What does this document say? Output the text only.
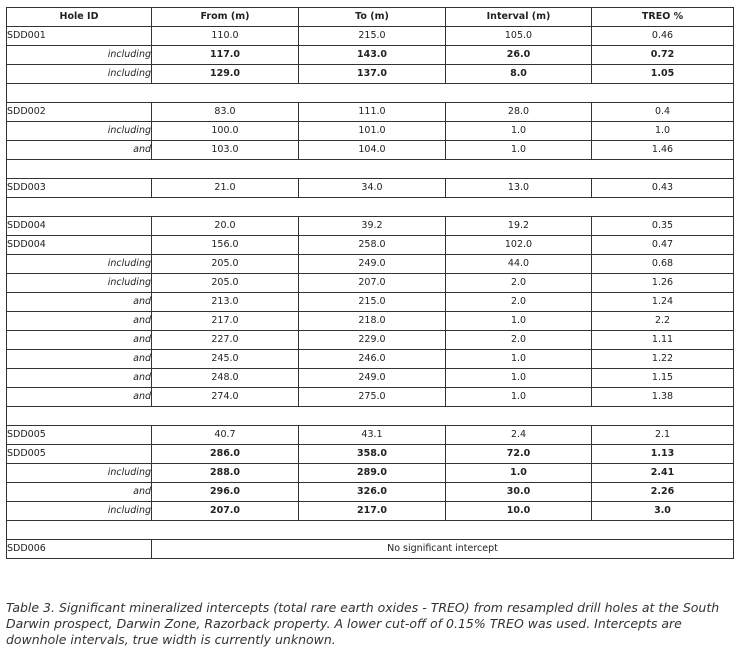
Hole ID	From (m)	To (m)	Interval (m)	TREO %
SDD001	110.0	215.0	105.0	0.46
including	117.0	143.0	26.0	0.72
including	129.0	137.0	8.0	1.05

SDD002	83.0	111.0	28.0	0.4
including	100.0	101.0	1.0	1.0
and	103.0	104.0	1.0	1.46

SDD003	21.0	34.0	13.0	0.43

SDD004	20.0	39.2	19.2	0.35
SDD004	156.0	258.0	102.0	0.47
including	205.0	249.0	44.0	0.68
including	205.0	207.0	2.0	1.26
and	213.0	215.0	2.0	1.24
and	217.0	218.0	1.0	2.2
and	227.0	229.0	2.0	1.11
and	245.0	246.0	1.0	1.22
and	248.0	249.0	1.0	1.15
and	274.0	275.0	1.0	1.38

SDD005	40.7	43.1	2.4	2.1
SDD005	286.0	358.0	72.0	1.13
including	288.0	289.0	1.0	2.41
and	296.0	326.0	30.0	2.26
including	207.0	217.0	10.0	3.0

SDD006	No significant intercept			

Table 3. Significant mineralized intercepts (total rare earth oxides - TREO) from resampled drill holes at the South Darwin prospect, Darwin Zone, Razorback property. A lower cut-off of 0.15% TREO was used. Intercepts are downhole intervals, true width is currently unknown.
